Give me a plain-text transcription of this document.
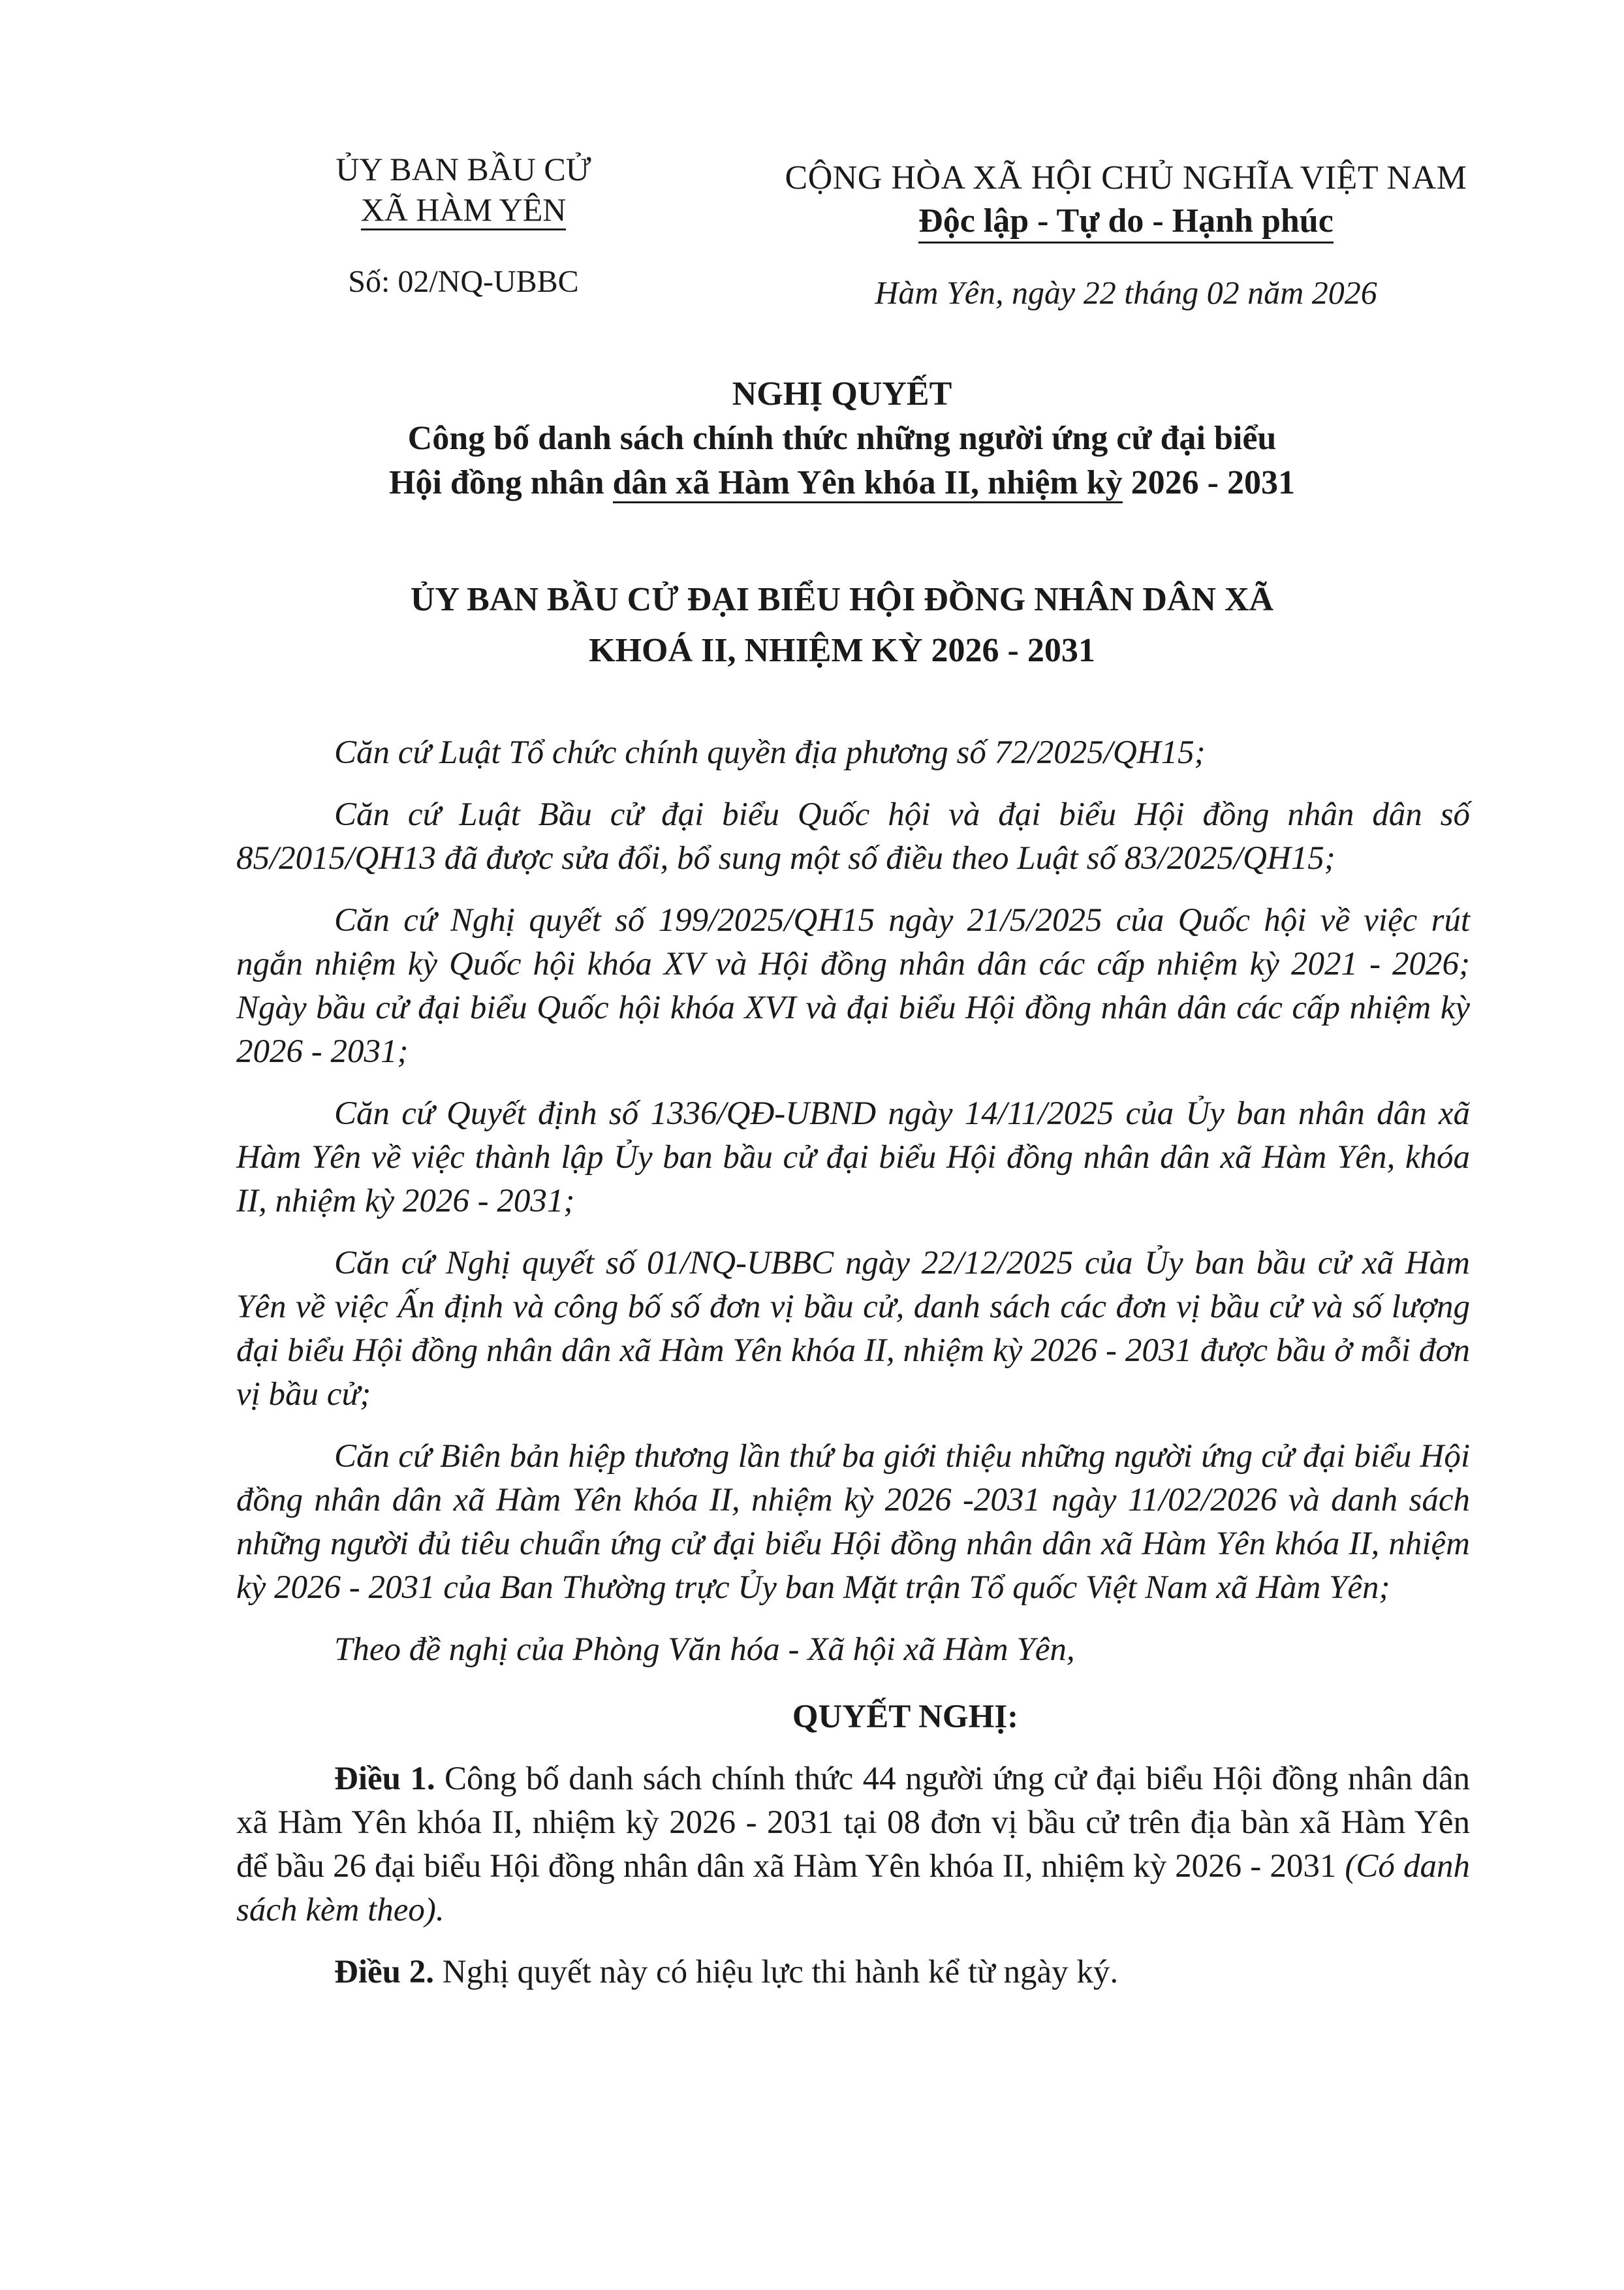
ỦY BAN BẦU CỬ
XÃ HÀM YÊN
Số: 02/NQ-UBBC
CỘNG HÒA XÃ HỘI CHỦ NGHĨA VIỆT NAM
Độc lập - Tự do - Hạnh phúc
Hàm Yên, ngày 22 tháng 02 năm 2026
NGHỊ QUYẾT
Công bố danh sách chính thức những người ứng cử đại biểu
Hội đồng nhân dân xã Hàm Yên khóa II, nhiệm kỳ 2026 - 2031
ỦY BAN BẦU CỬ ĐẠI BIỂU HỘI ĐỒNG NHÂN DÂN XÃ
KHOÁ II, NHIỆM KỲ 2026 - 2031

Căn cứ Luật Tổ chức chính quyền địa phương số 72/2025/QH15;

Căn cứ Luật Bầu cử đại biểu Quốc hội và đại biểu Hội đồng nhân dân số 85/2015/QH13 đã được sửa đổi, bổ sung một số điều theo Luật số 83/2025/QH15;

Căn cứ Nghị quyết số 199/2025/QH15 ngày 21/5/2025 của Quốc hội về việc rút ngắn nhiệm kỳ Quốc hội khóa XV và Hội đồng nhân dân các cấp nhiệm kỳ 2021 - 2026; Ngày bầu cử đại biểu Quốc hội khóa XVI và đại biểu Hội đồng nhân dân các cấp nhiệm kỳ 2026 - 2031;

Căn cứ Quyết định số 1336/QĐ-UBND ngày 14/11/2025 của Ủy ban nhân dân xã Hàm Yên về việc thành lập Ủy ban bầu cử đại biểu Hội đồng nhân dân xã Hàm Yên, khóa II, nhiệm kỳ 2026 - 2031;

Căn cứ Nghị quyết số 01/NQ-UBBC ngày 22/12/2025 của Ủy ban bầu cử xã Hàm Yên về việc Ấn định và công bố số đơn vị bầu cử, danh sách các đơn vị bầu cử và số lượng đại biểu Hội đồng nhân dân xã Hàm Yên khóa II, nhiệm kỳ 2026 - 2031 được bầu ở mỗi đơn vị bầu cử;

Căn cứ Biên bản hiệp thương lần thứ ba giới thiệu những người ứng cử đại biểu Hội đồng nhân dân xã Hàm Yên khóa II, nhiệm kỳ 2026 -2031 ngày 11/02/2026 và danh sách những người đủ tiêu chuẩn ứng cử đại biểu Hội đồng nhân dân xã Hàm Yên khóa II, nhiệm kỳ 2026 - 2031 của Ban Thường trực Ủy ban Mặt trận Tổ quốc Việt Nam xã Hàm Yên;

Theo đề nghị của Phòng Văn hóa - Xã hội xã Hàm Yên,

QUYẾT NGHỊ:

Điều 1. Công bố danh sách chính thức 44 người ứng cử đại biểu Hội đồng nhân dân xã Hàm Yên khóa II, nhiệm kỳ 2026 - 2031 tại 08 đơn vị bầu cử trên địa bàn xã Hàm Yên để bầu 26 đại biểu Hội đồng nhân dân xã Hàm Yên khóa II, nhiệm kỳ 2026 - 2031 (Có danh sách kèm theo).

Điều 2. Nghị quyết này có hiệu lực thi hành kể từ ngày ký.
